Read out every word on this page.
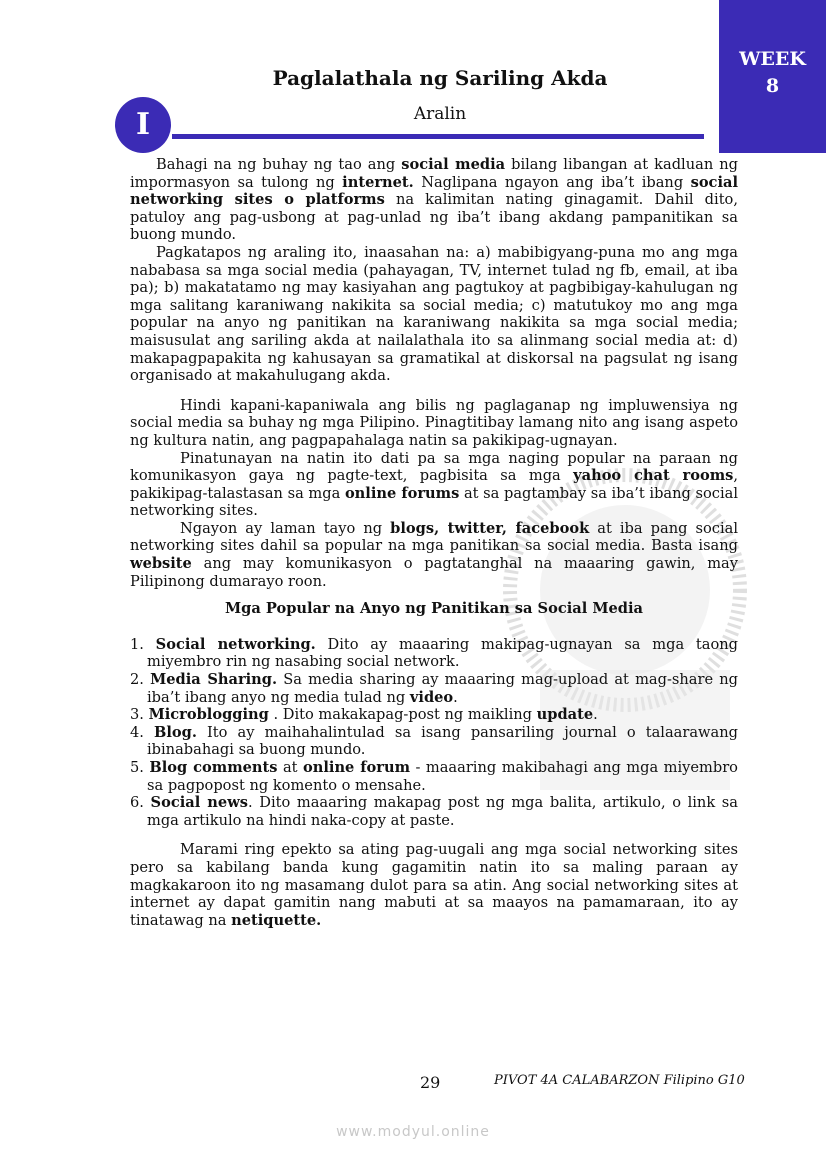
WEEK
8
Paglalathala ng Sariling Akda
I	Aralin

Bahagi na ng buhay ng tao ang social media bilang libangan at kadluan ng impormasyon sa tulong ng internet. Naglipana ngayon ang iba’t ibang social networking sites o platforms na kalimitan nating ginagamit. Dahil dito, patuloy ang pag-usbong at pag-unlad ng iba’t ibang akdang pampanitikan sa buong mundo.

Pagkatapos ng araling ito, inaasahan na: a) mabibigyang-puna mo ang mga nababasa sa mga social media (pahayagan, TV, internet tulad ng fb, email, at iba pa); b) makatatamo ng may kasiyahan ang pagtukoy at pagbibigay-kahulugan ng mga salitang karaniwang nakikita sa social media; c) matutukoy mo ang mga popular na anyo ng panitikan na karaniwang nakikita sa mga social media; maisusulat ang sariling akda at nailalathala ito sa alinmang social media at: d) makapagpapakita ng kahusayan sa gramatikal at diskorsal na pagsulat ng isang organisado at makahulugang akda.

Hindi kapani-kapaniwala ang bilis ng paglaganap ng impluwensiya ng social media sa buhay ng mga Pilipino. Pinagtitibay lamang nito ang isang aspeto ng kultura natin, ang pagpapahalaga natin sa pakikipag-ugnayan.

Pinatunayan na natin ito dati pa sa mga naging popular na paraan ng komunikasyon gaya ng pagte-text, pagbisita sa mga yahoo chat rooms, pakikipag-talastasan sa mga online forums at sa pagtambay sa iba’t ibang social networking sites.

Ngayon ay laman tayo ng blogs, twitter, facebook at iba pang social networking sites dahil sa popular na mga panitikan sa social media. Basta isang website ang may komunikasyon o pagtatanghal na maaaring gawin, may Pilipinong dumarayo roon.

Mga Popular na Anyo ng Panitikan sa Social Media

1. Social networking. Dito ay maaaring makipag-ugnayan sa mga taong miyembro rin ng nasabing social network.

2. Media Sharing. Sa media sharing ay maaaring mag-upload at mag-share ng iba’t ibang anyo ng media tulad ng video.

3. Microblogging . Dito makakapag-post ng maikling update.

4. Blog. Ito ay maihahalintulad sa isang pansariling journal o talaarawang ibinabahagi sa buong mundo.

5. Blog comments at online forum - maaaring makibahagi ang mga miyembro sa pagpopost ng komento o mensahe.

6. Social news. Dito maaaring makapag post ng mga balita, artikulo, o link sa mga artikulo na hindi naka-copy at paste.

Marami ring epekto sa ating pag-uugali ang mga social networking sites pero sa kabilang banda kung gagamitin natin ito sa maling paraan ay magkakaroon ito ng masamang dulot para sa atin. Ang social networking sites at internet ay dapat gamitin nang mabuti at sa maayos na pamamaraan, ito ay tinatawag na netiquette.

29	PIVOT 4A CALABARZON Filipino G10
www.modyul.online
